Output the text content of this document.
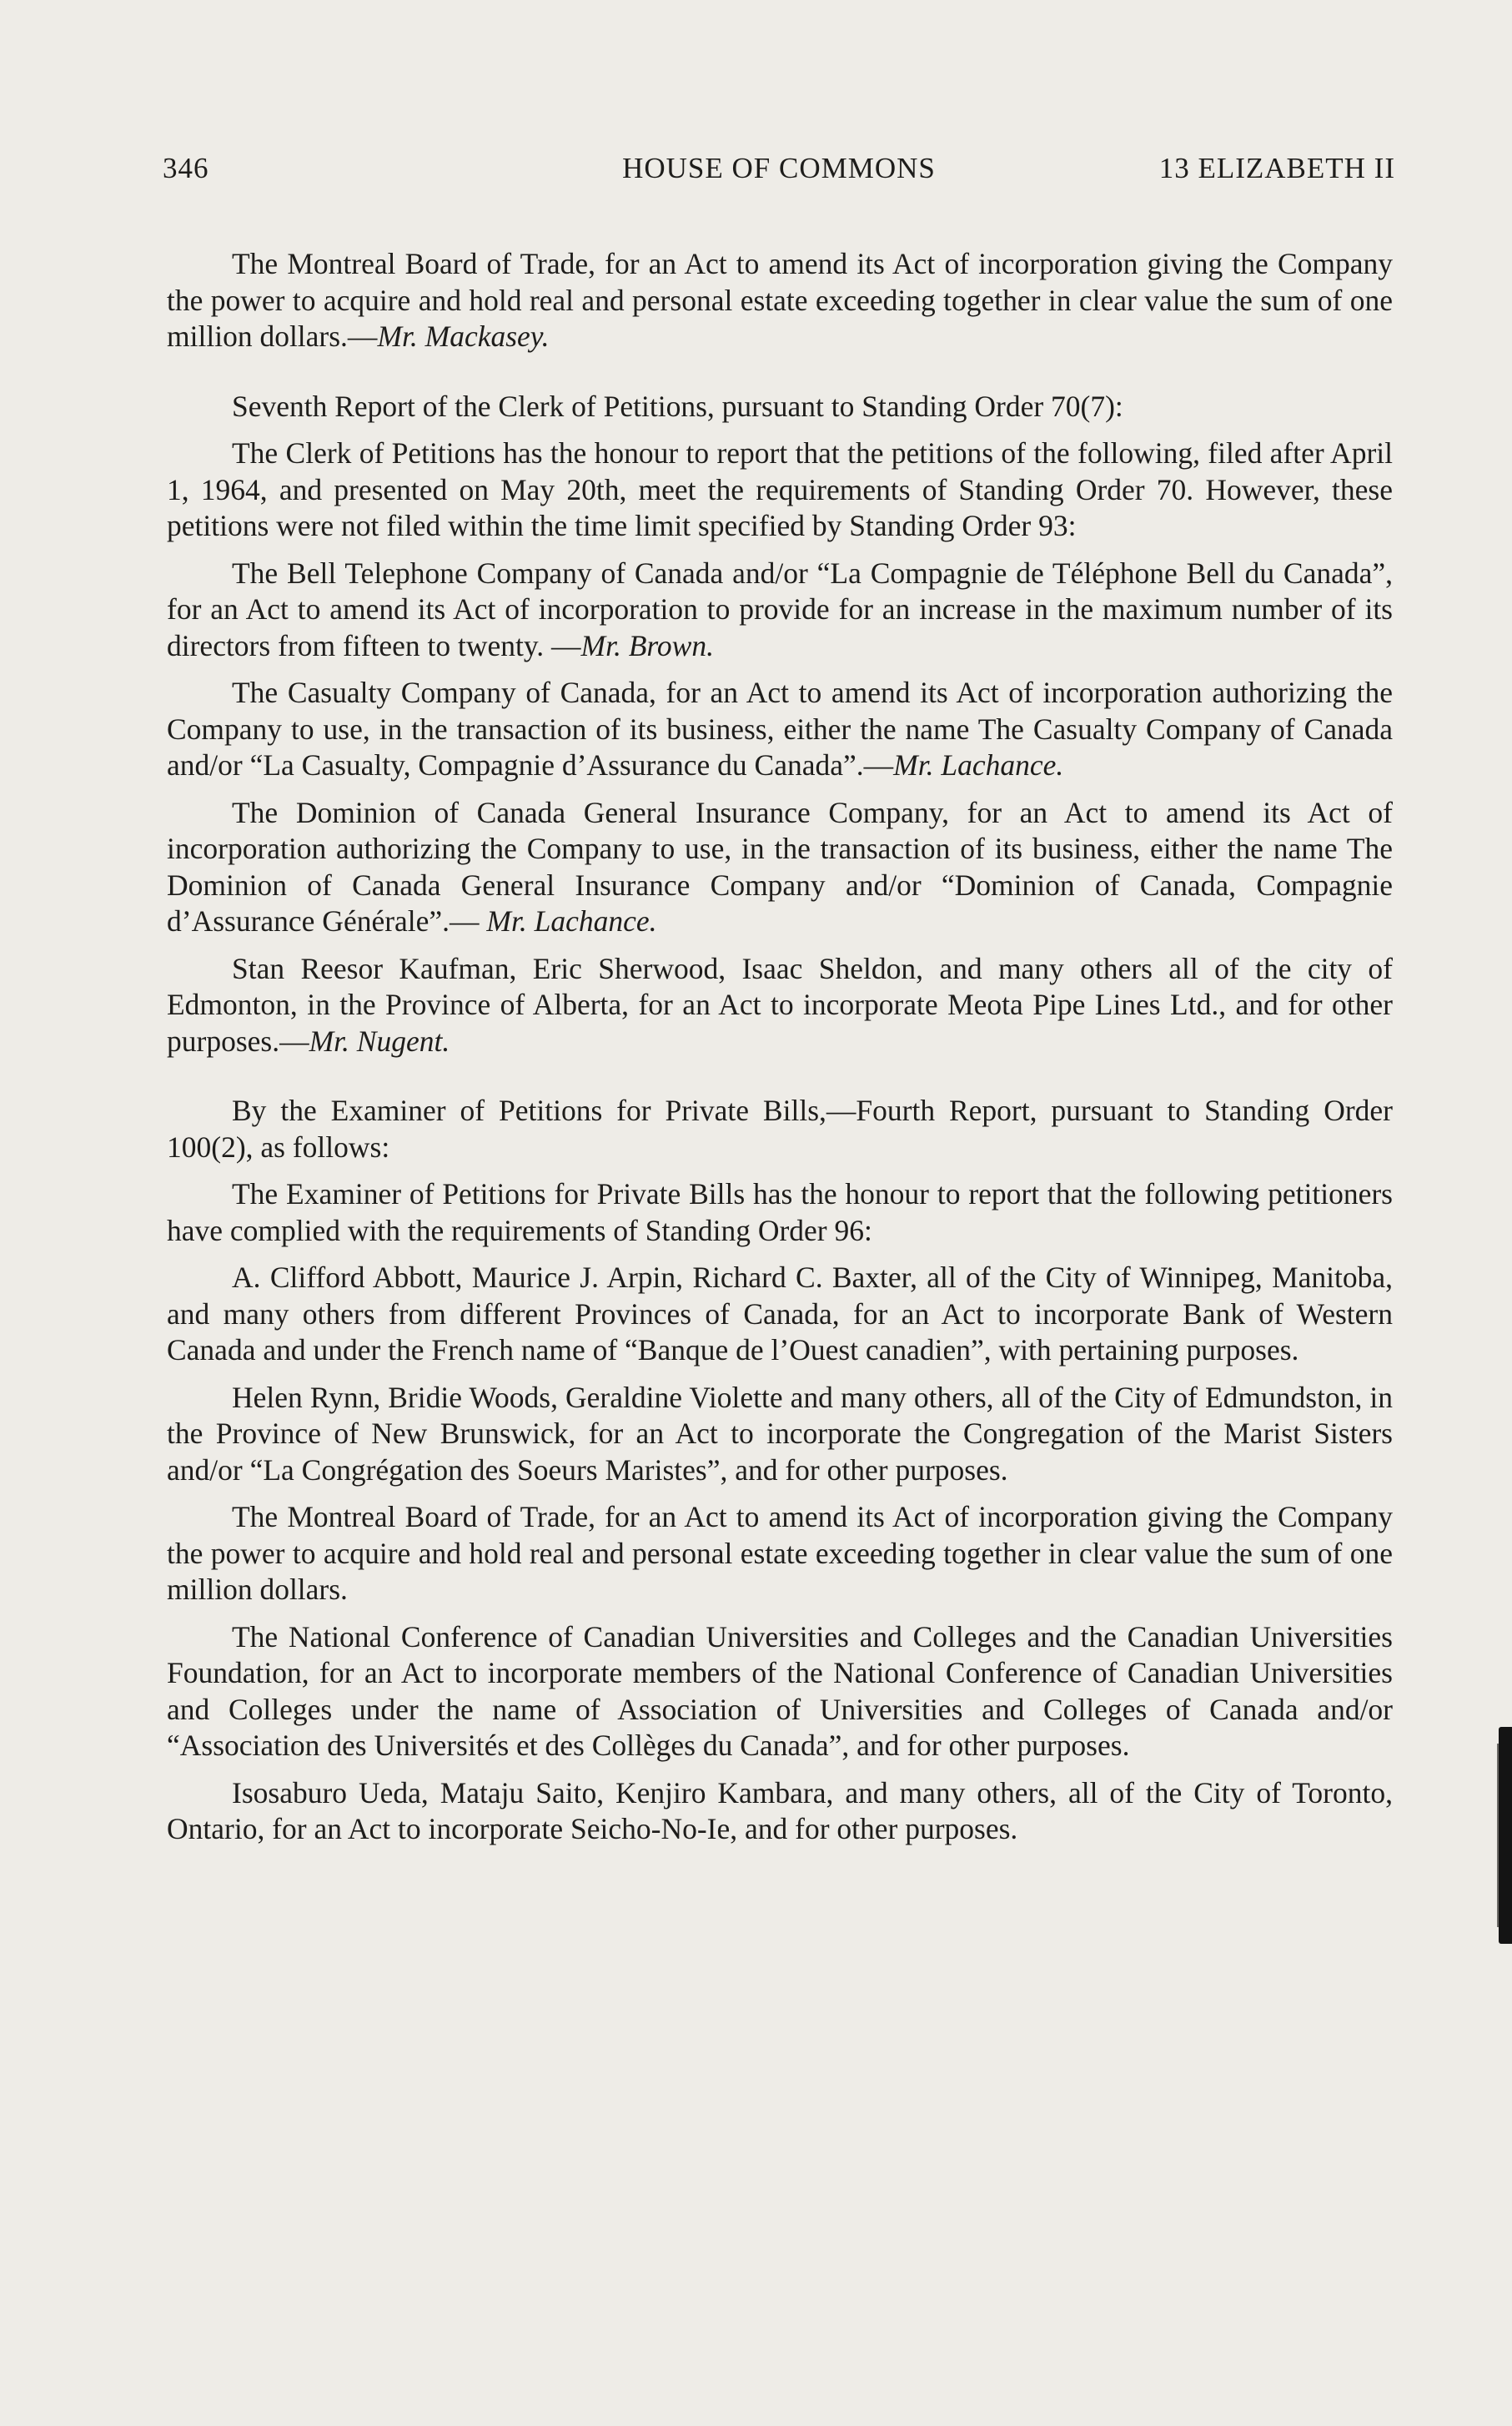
346	HOUSE OF COMMONS	13 ELIZABETH II

The Montreal Board of Trade, for an Act to amend its Act of incorporation giving the Company the power to acquire and hold real and personal estate exceeding together in clear value the sum of one million dollars.—Mr. Mackasey.

Seventh Report of the Clerk of Petitions, pursuant to Standing Order 70(7):

The Clerk of Petitions has the honour to report that the petitions of the following, filed after April 1, 1964, and presented on May 20th, meet the requirements of Standing Order 70. However, these petitions were not filed within the time limit specified by Standing Order 93:

The Bell Telephone Company of Canada and/or “La Compagnie de Téléphone Bell du Canada”, for an Act to amend its Act of incorporation to provide for an increase in the maximum number of its directors from fifteen to twenty. —Mr. Brown.

The Casualty Company of Canada, for an Act to amend its Act of incorporation authorizing the Company to use, in the transaction of its business, either the name The Casualty Company of Canada and/or “La Casualty, Compagnie d’Assurance du Canada”.—Mr. Lachance.

The Dominion of Canada General Insurance Company, for an Act to amend its Act of incorporation authorizing the Company to use, in the transaction of its business, either the name The Dominion of Canada General Insurance Company and/or “Dominion of Canada, Compagnie d’Assurance Générale”.— Mr. Lachance.

Stan Reesor Kaufman, Eric Sherwood, Isaac Sheldon, and many others all of the city of Edmonton, in the Province of Alberta, for an Act to incorporate Meota Pipe Lines Ltd., and for other purposes.—Mr. Nugent.

By the Examiner of Petitions for Private Bills,—Fourth Report, pursuant to Standing Order 100(2), as follows:

The Examiner of Petitions for Private Bills has the honour to report that the following petitioners have complied with the requirements of Standing Order 96:

A. Clifford Abbott, Maurice J. Arpin, Richard C. Baxter, all of the City of Winnipeg, Manitoba, and many others from different Provinces of Canada, for an Act to incorporate Bank of Western Canada and under the French name of “Banque de l’Ouest canadien”, with pertaining purposes.

Helen Rynn, Bridie Woods, Geraldine Violette and many others, all of the City of Edmundston, in the Province of New Brunswick, for an Act to incorporate the Congregation of the Marist Sisters and/or “La Congrégation des Soeurs Maristes”, and for other purposes.

The Montreal Board of Trade, for an Act to amend its Act of incorporation giving the Company the power to acquire and hold real and personal estate exceeding together in clear value the sum of one million dollars.

The National Conference of Canadian Universities and Colleges and the Canadian Universities Foundation, for an Act to incorporate members of the National Conference of Canadian Universities and Colleges under the name of Association of Universities and Colleges of Canada and/or “Association des Universités et des Collèges du Canada”, and for other purposes.

Isosaburo Ueda, Mataju Saito, Kenjiro Kambara, and many others, all of the City of Toronto, Ontario, for an Act to incorporate Seicho-No-Ie, and for other purposes.
